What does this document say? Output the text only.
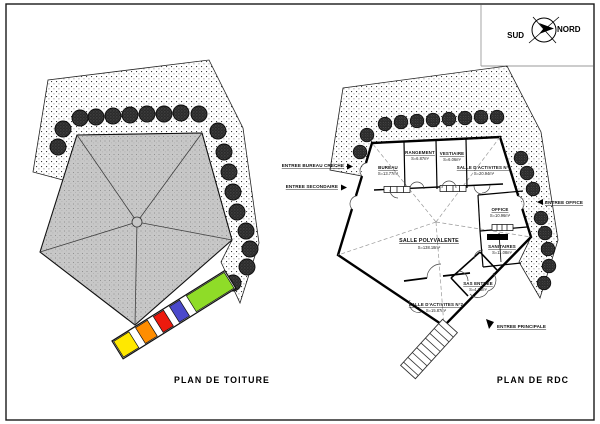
SUD
NORD
PLAN DE TOITURE
BUREAU
S=13.77m²
RANGEMENT
S=6.87m²
VESTIAIRE
S=6.06m²
SALLE D'ACTIVITES N°1
S=20.94m²
OFFICE
S=10.96m²
SANITAIRES
S=11.08m²
SAS ENTREE
S=4.73m²
SALLE D'ACTIVITES N°2
S=15.87m²
SALLE POLYVALENTE
S=138.18m²
ENTREE BUREAU CRECHE
ENTREE SECONDAIRE
ENTREE OFFICE
ENTREE PRINCIPALE
PLAN DE RDC
